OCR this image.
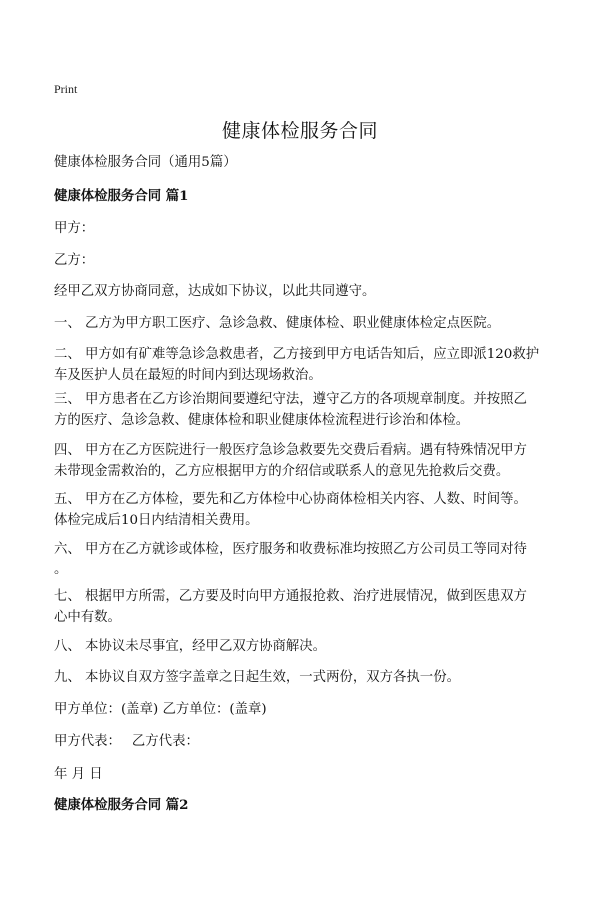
Print
健康体检服务合同
健康体检服务合同（通用5篇）
健康体检服务合同 篇1
甲方：
乙方：
经甲乙双方协商同意，达成如下协议，以此共同遵守。
一、 乙方为甲方职工医疗、急诊急救、健康体检、职业健康体检定点医院。
二、 甲方如有矿难等急诊急救患者，乙方接到甲方电话告知后，应立即派120救护
车及医护人员在最短的时间内到达现场救治。
三、 甲方患者在乙方诊治期间要遵纪守法，遵守乙方的各项规章制度。并按照乙
方的医疗、急诊急救、健康体检和职业健康体检流程进行诊治和体检。
四、 甲方在乙方医院进行一般医疗急诊急救要先交费后看病。遇有特殊情况甲方
未带现金需救治的，乙方应根据甲方的介绍信或联系人的意见先抢救后交费。
五、 甲方在乙方体检，要先和乙方体检中心协商体检相关内容、人数、时间等。
体检完成后10日内结清相关费用。
六、 甲方在乙方就诊或体检，医疗服务和收费标准均按照乙方公司员工等同对待
。
七、 根据甲方所需，乙方要及时向甲方通报抢救、治疗进展情况，做到医患双方
心中有数。
八、 本协议未尽事宜，经甲乙双方协商解决。
九、 本协议自双方签字盖章之日起生效，一式两份，双方各执一份。
甲方单位：(盖章) 乙方单位：(盖章)
甲方代表：　 乙方代表：
年 月 日
健康体检服务合同 篇2
